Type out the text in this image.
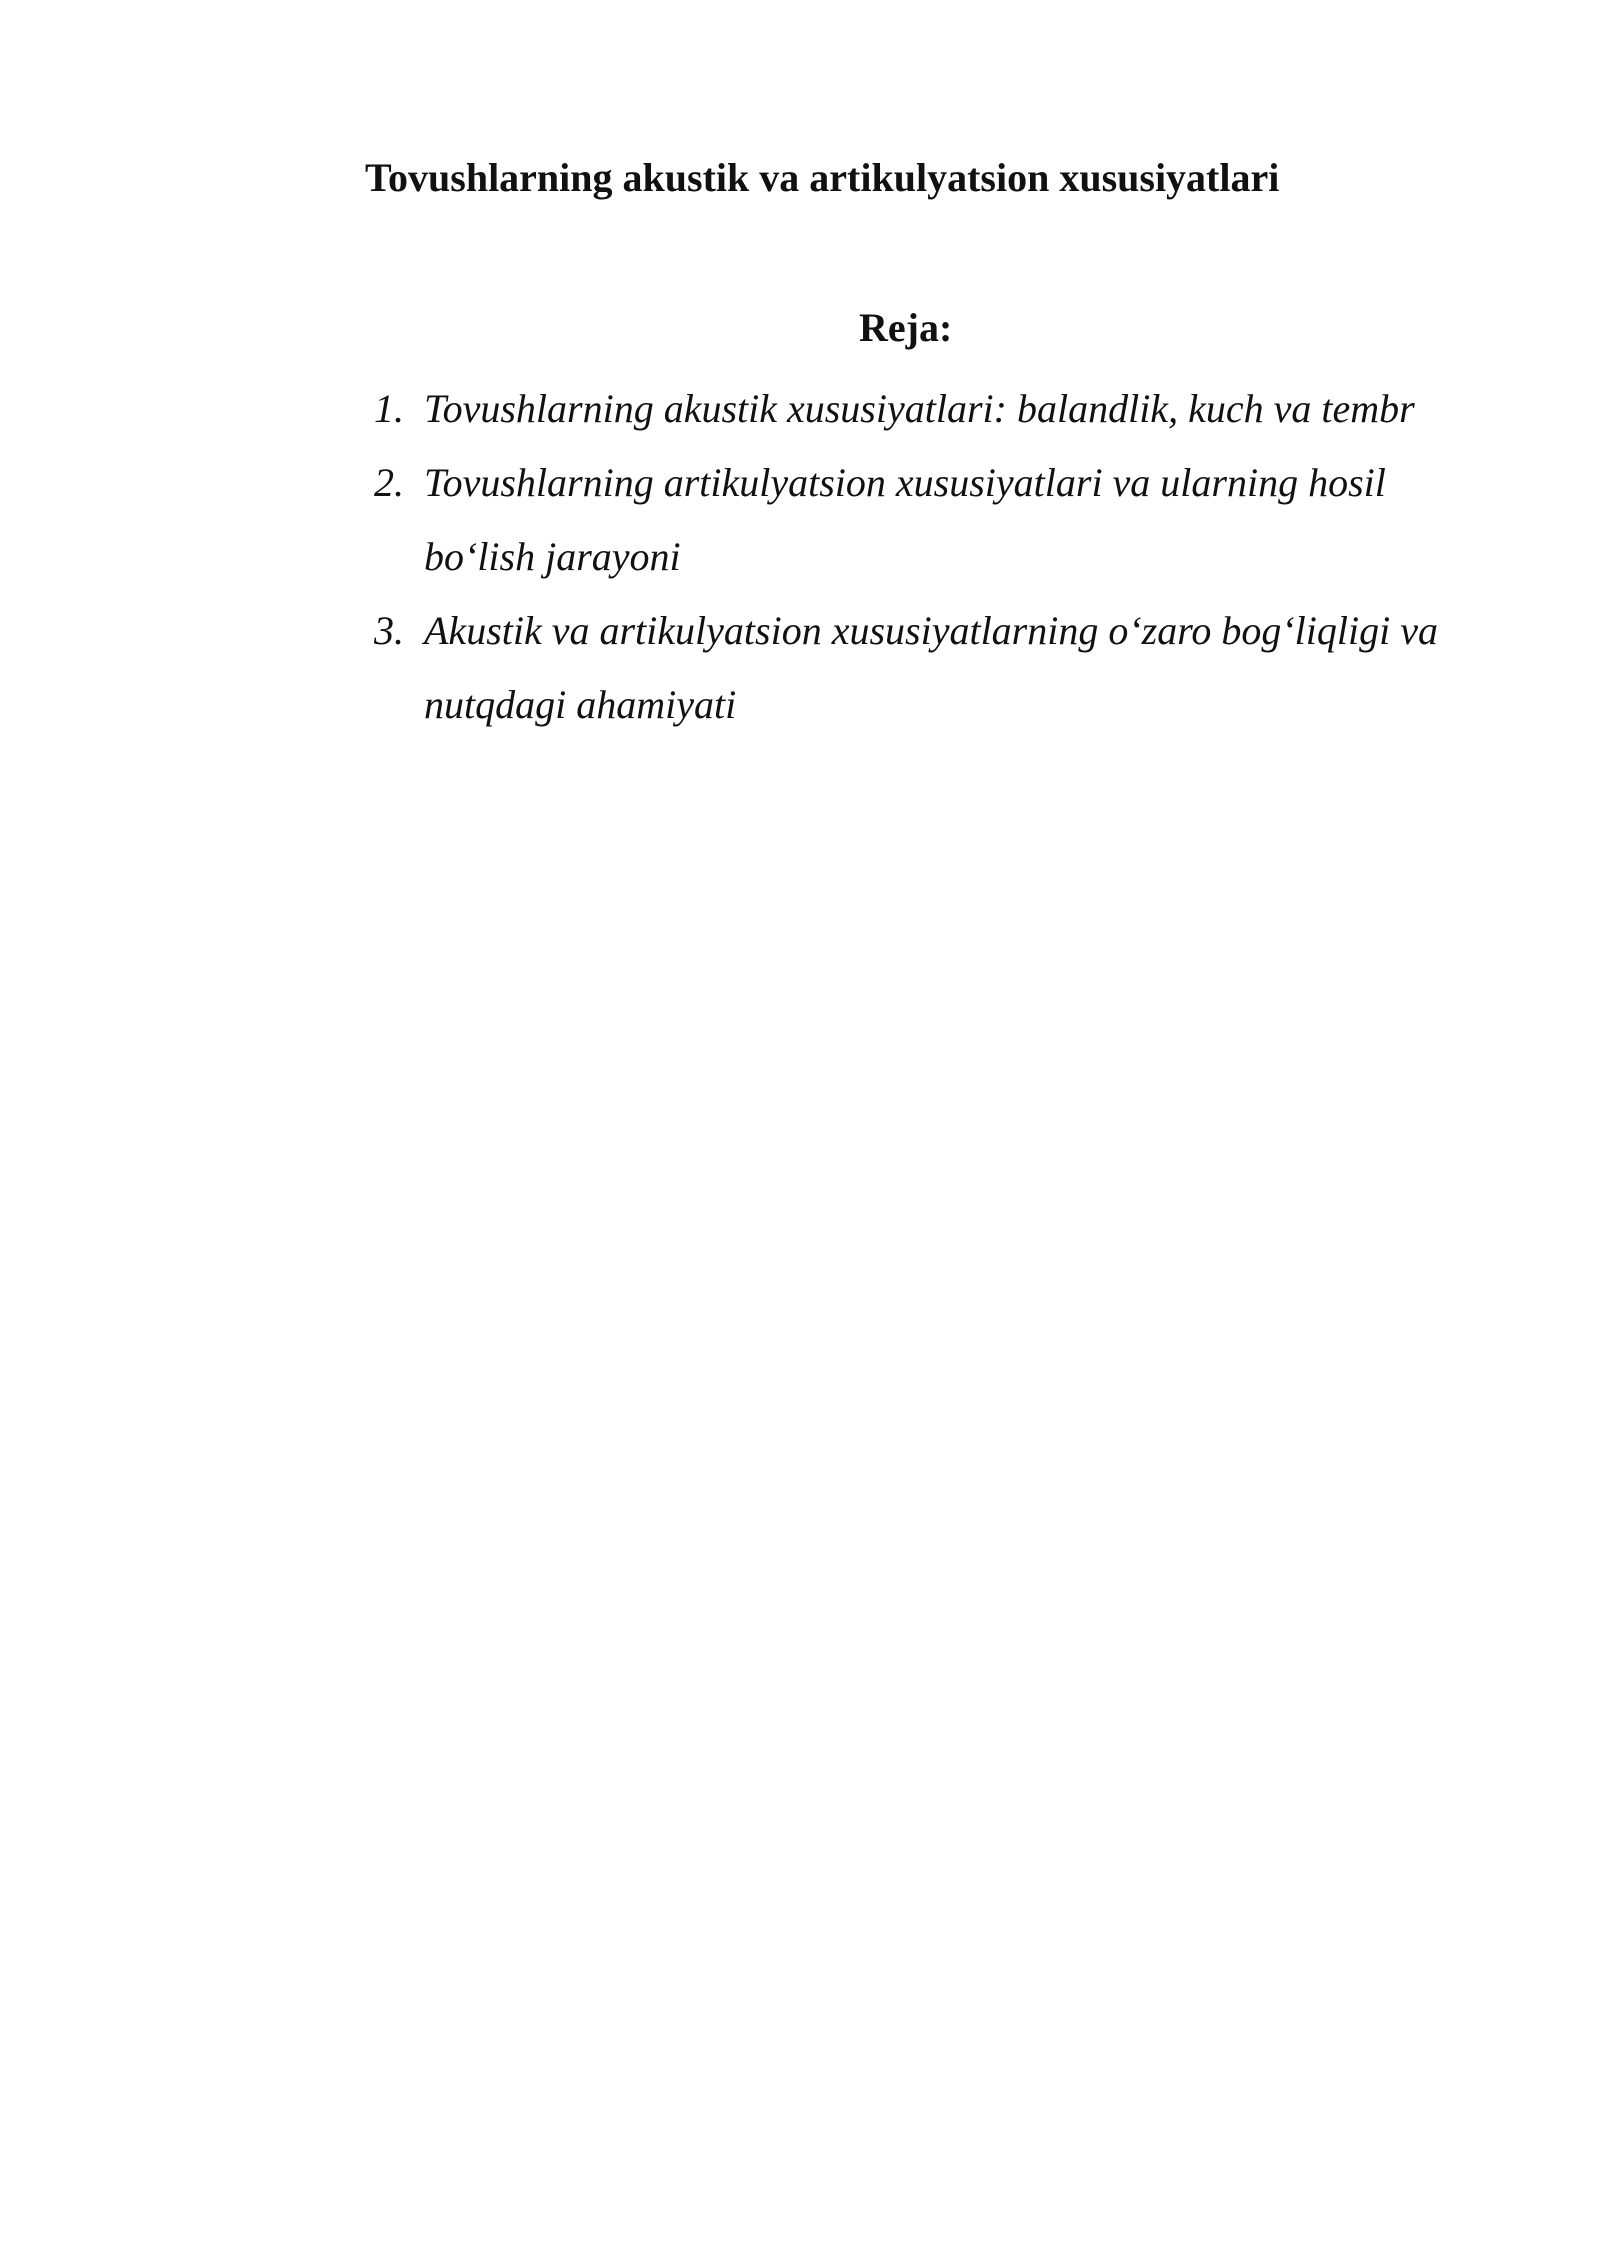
Tovushlarning akustik va artikulyatsion xususiyatlari
Reja:
1. Tovushlarning akustik xususiyatlari: balandlik, kuch va tembr
2. Tovushlarning artikulyatsion xususiyatlari va ularning hosil bo‘lish jarayoni
3. Akustik va artikulyatsion xususiyatlarning o‘zaro bog‘liqligi va nutqdagi ahamiyati
